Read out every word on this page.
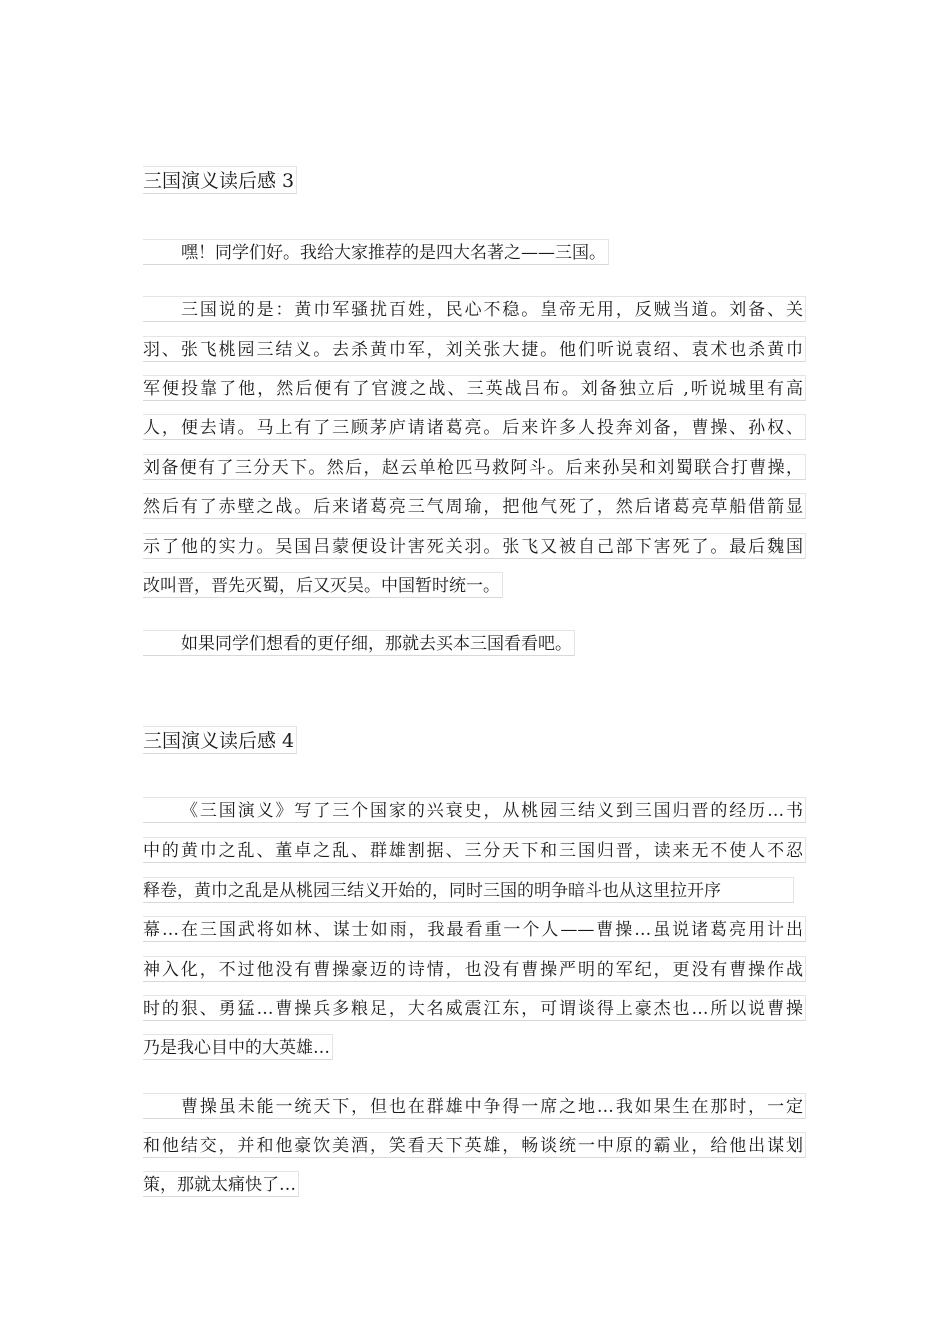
三国演义读后感 3
嘿！同学们好。我给大家推荐的是四大名著之——三国。
三国说的是：黄巾军骚扰百姓，民心不稳。皇帝无用，反贼当道。刘备、关
羽、张飞桃园三结义。去杀黄巾军，刘关张大捷。他们听说袁绍、袁术也杀黄巾
军便投靠了他，然后便有了官渡之战、三英战吕布。刘备独立后 ,听说城里有高
人，便去请。马上有了三顾茅庐请诸葛亮。后来许多人投奔刘备，曹操、孙权、
刘备便有了三分天下。然后，赵云单枪匹马救阿斗。后来孙吴和刘蜀联合打曹操，
然后有了赤壁之战。后来诸葛亮三气周瑜，把他气死了，然后诸葛亮草船借箭显
示了他的实力。吴国吕蒙便设计害死关羽。张飞又被自己部下害死了。最后魏国
改叫晋，晋先灭蜀，后又灭吴。中国暂时统一。
如果同学们想看的更仔细，那就去买本三国看看吧。
三国演义读后感 4
《三国演义》写了三个国家的兴衰史，从桃园三结义到三国归晋的经历…书
中的黄巾之乱、董卓之乱、群雄割据、三分天下和三国归晋，读来无不使人不忍
释卷，黄巾之乱是从桃园三结义开始的，同时三国的明争暗斗也从这里拉开序
幕…在三国武将如林、谋士如雨，我最看重一个人——曹操…虽说诸葛亮用计出
神入化，不过他没有曹操豪迈的诗情，也没有曹操严明的军纪，更没有曹操作战
时的狠、勇猛…曹操兵多粮足，大名威震江东，可谓谈得上豪杰也…所以说曹操
乃是我心目中的大英雄…
曹操虽未能一统天下，但也在群雄中争得一席之地…我如果生在那时，一定
和他结交，并和他豪饮美酒，笑看天下英雄，畅谈统一中原的霸业，给他出谋划
策，那就太痛快了…
